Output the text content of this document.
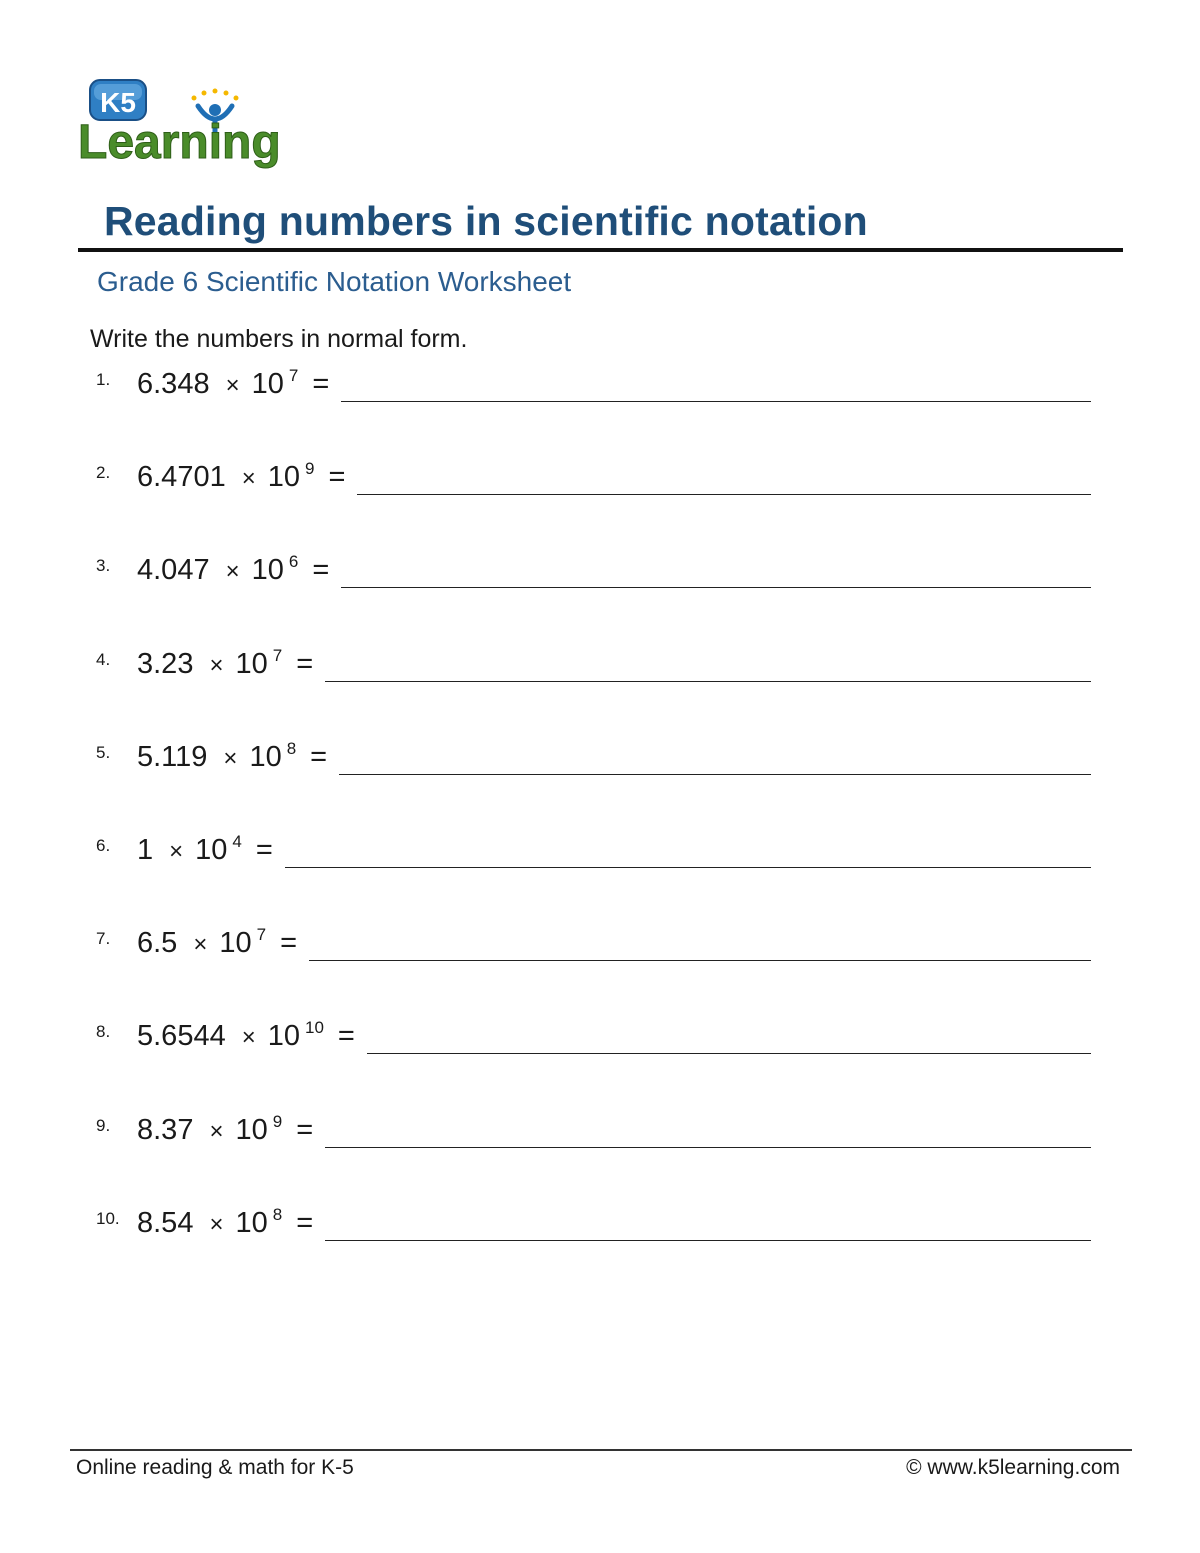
K5
Learning
Reading numbers in scientific notation
Grade 6 Scientific Notation Worksheet
Write the numbers in normal form.
1. 6.348 × 10 7 =
2. 6.4701 × 10 9 =
3. 4.047 × 10 6 =
4. 3.23 × 10 7 =
5. 5.119 × 10 8 =
6. 1 × 10 4 =
7. 6.5 × 10 7 =
8. 5.6544 × 10 10 =
9. 8.37 × 10 9 =
10. 8.54 × 10 8 =
Online reading & math for K-5	© www.k5learning.com
